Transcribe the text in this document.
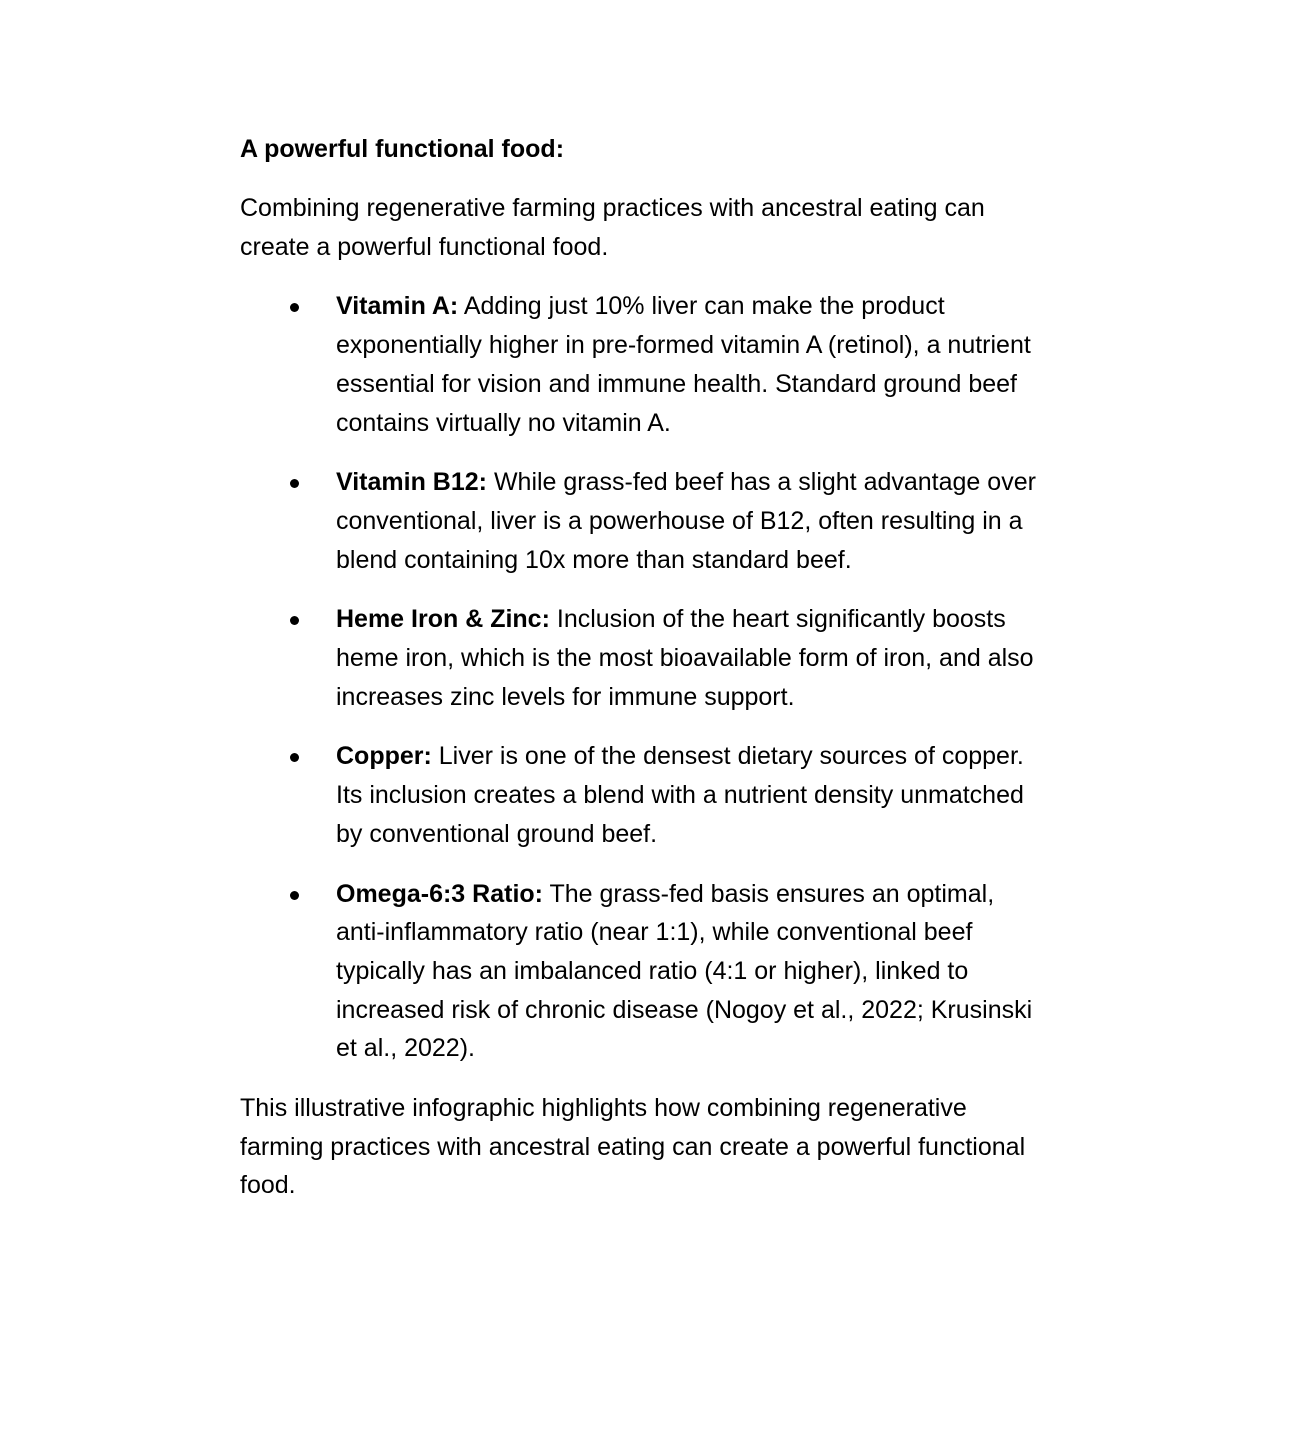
A powerful functional food:

Combining regenerative farming practices with ancestral eating can create a powerful functional food.

Vitamin A: Adding just 10% liver can make the product exponentially higher in pre-formed vitamin A (retinol), a nutrient essential for vision and immune health. Standard ground beef contains virtually no vitamin A.
Vitamin B12: While grass-fed beef has a slight advantage over conventional, liver is a powerhouse of B12, often resulting in a blend containing 10x more than standard beef.
Heme Iron & Zinc: Inclusion of the heart significantly boosts heme iron, which is the most bioavailable form of iron, and also increases zinc levels for immune support.
Copper: Liver is one of the densest dietary sources of copper. Its inclusion creates a blend with a nutrient density unmatched by conventional ground beef.
Omega-6:3 Ratio: The grass-fed basis ensures an optimal, anti-inflammatory ratio (near 1:1), while conventional beef typically has an imbalanced ratio (4:1 or higher), linked to increased risk of chronic disease (Nogoy et al., 2022; Krusinski et al., 2022).

This illustrative infographic highlights how combining regenerative farming practices with ancestral eating can create a powerful functional food.
